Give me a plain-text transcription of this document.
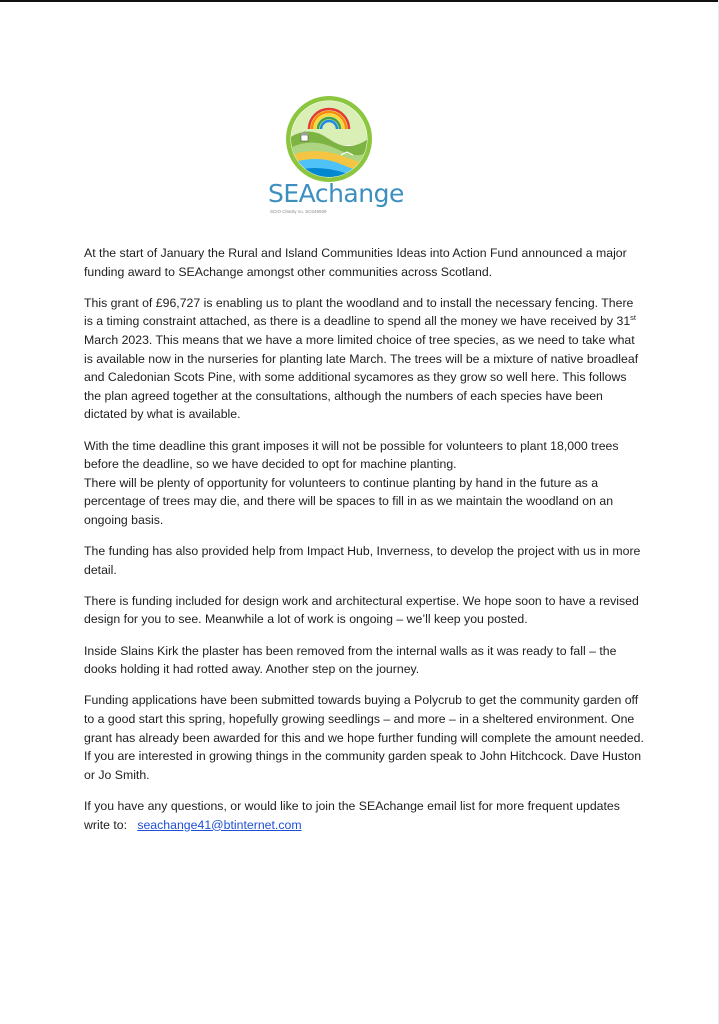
SEAchange
SCIO Charity no. SC049939

At the start of January the Rural and Island Communities Ideas into Action Fund announced a major funding award to SEAchange amongst other communities across Scotland.

This grant of £96,727 is enabling us to plant the woodland and to install the necessary fencing. There is a timing constraint attached, as there is a deadline to spend all the money we have received by 31st March 2023. This means that we have a more limited choice of tree species, as we need to take what is available now in the nurseries for planting late March. The trees will be a mixture of native broadleaf and Caledonian Scots Pine, with some additional sycamores as they grow so well here. This follows the plan agreed together at the consultations, although the numbers of each species have been dictated by what is available.

With the time deadline this grant imposes it will not be possible for volunteers to plant 18,000 trees before the deadline, so we have decided to opt for machine planting.
There will be plenty of opportunity for volunteers to continue planting by hand in the future as a percentage of trees may die, and there will be spaces to fill in as we maintain the woodland on an ongoing basis.

The funding has also provided help from Impact Hub, Inverness, to develop the project with us in more detail.

There is funding included for design work and architectural expertise. We hope soon to have a revised design for you to see. Meanwhile a lot of work is ongoing – we’ll keep you posted.

Inside Slains Kirk the plaster has been removed from the internal walls as it was ready to fall – the dooks holding it had rotted away. Another step on the journey.

Funding applications have been submitted towards buying a Polycrub to get the community garden off to a good start this spring, hopefully growing seedlings – and more – in a sheltered environment. One grant has already been awarded for this and we hope further funding will complete the amount needed. If you are interested in growing things in the community garden speak to John Hitchcock. Dave Huston or Jo Smith.

If you have any questions, or would like to join the SEAchange email list for more frequent updates write to: seachange41@btinternet.com
